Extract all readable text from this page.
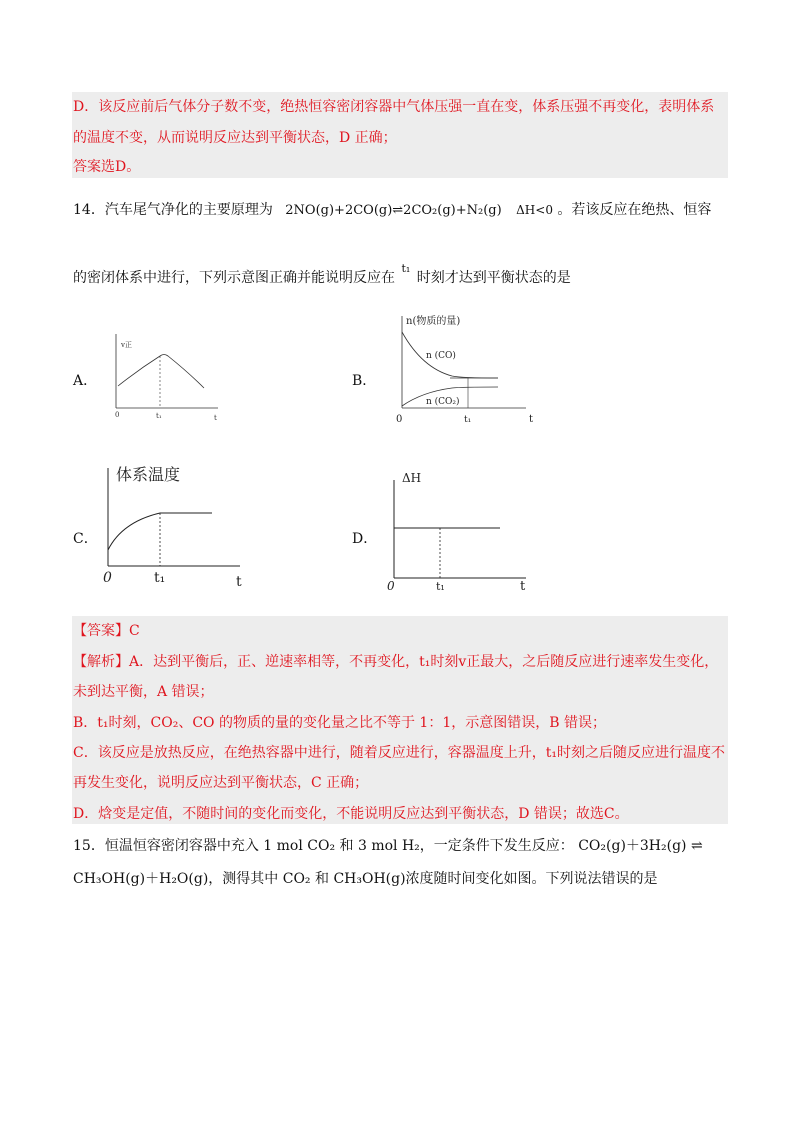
D．该反应前后气体分子数不变，绝热恒容密闭容器中气体压强一直在变，体系压强不再变化，表明体系
的温度不变，从而说明反应达到平衡状态，D 正确；
答案选D。
14．汽车尾气净化的主要原理为 2NO(g)+2CO(g)⇌2CO₂(g)+N₂(g) ΔH<0 。若该反应在绝热、恒容
的密闭体系中进行，下列示意图正确并能说明反应在 $^{t_1}$ 时刻才达到平衡状态的是
A．	B．
C．	D．
v正
0	t₁	t
n(物质的量)
n (CO)
n (CO₂)
0	t₁	t
体系温度
0	t₁	t
ΔH
0	t₁	t
【答案】C
【解析】A．达到平衡后，正、逆速率相等，不再变化，t₁时刻v正最大，之后随反应进行速率发生变化，
未到达平衡，A 错误；
B．t₁时刻，CO₂、CO 的物质的量的变化量之比不等于 1：1，示意图错误，B 错误；
C．该反应是放热反应，在绝热容器中进行，随着反应进行，容器温度上升，t₁时刻之后随反应进行温度不
再发生变化，说明反应达到平衡状态，C 正确；
D．焓变是定值，不随时间的变化而变化，不能说明反应达到平衡状态，D 错误；故选C。
15．恒温恒容密闭容器中充入 1 mol CO₂ 和 3 mol H₂，一定条件下发生反应： CO₂(g)＋3H₂(g) ⇌
CH₃OH(g)＋H₂O(g)，测得其中 CO₂ 和 CH₃OH(g)浓度随时间变化如图。下列说法错误的是
